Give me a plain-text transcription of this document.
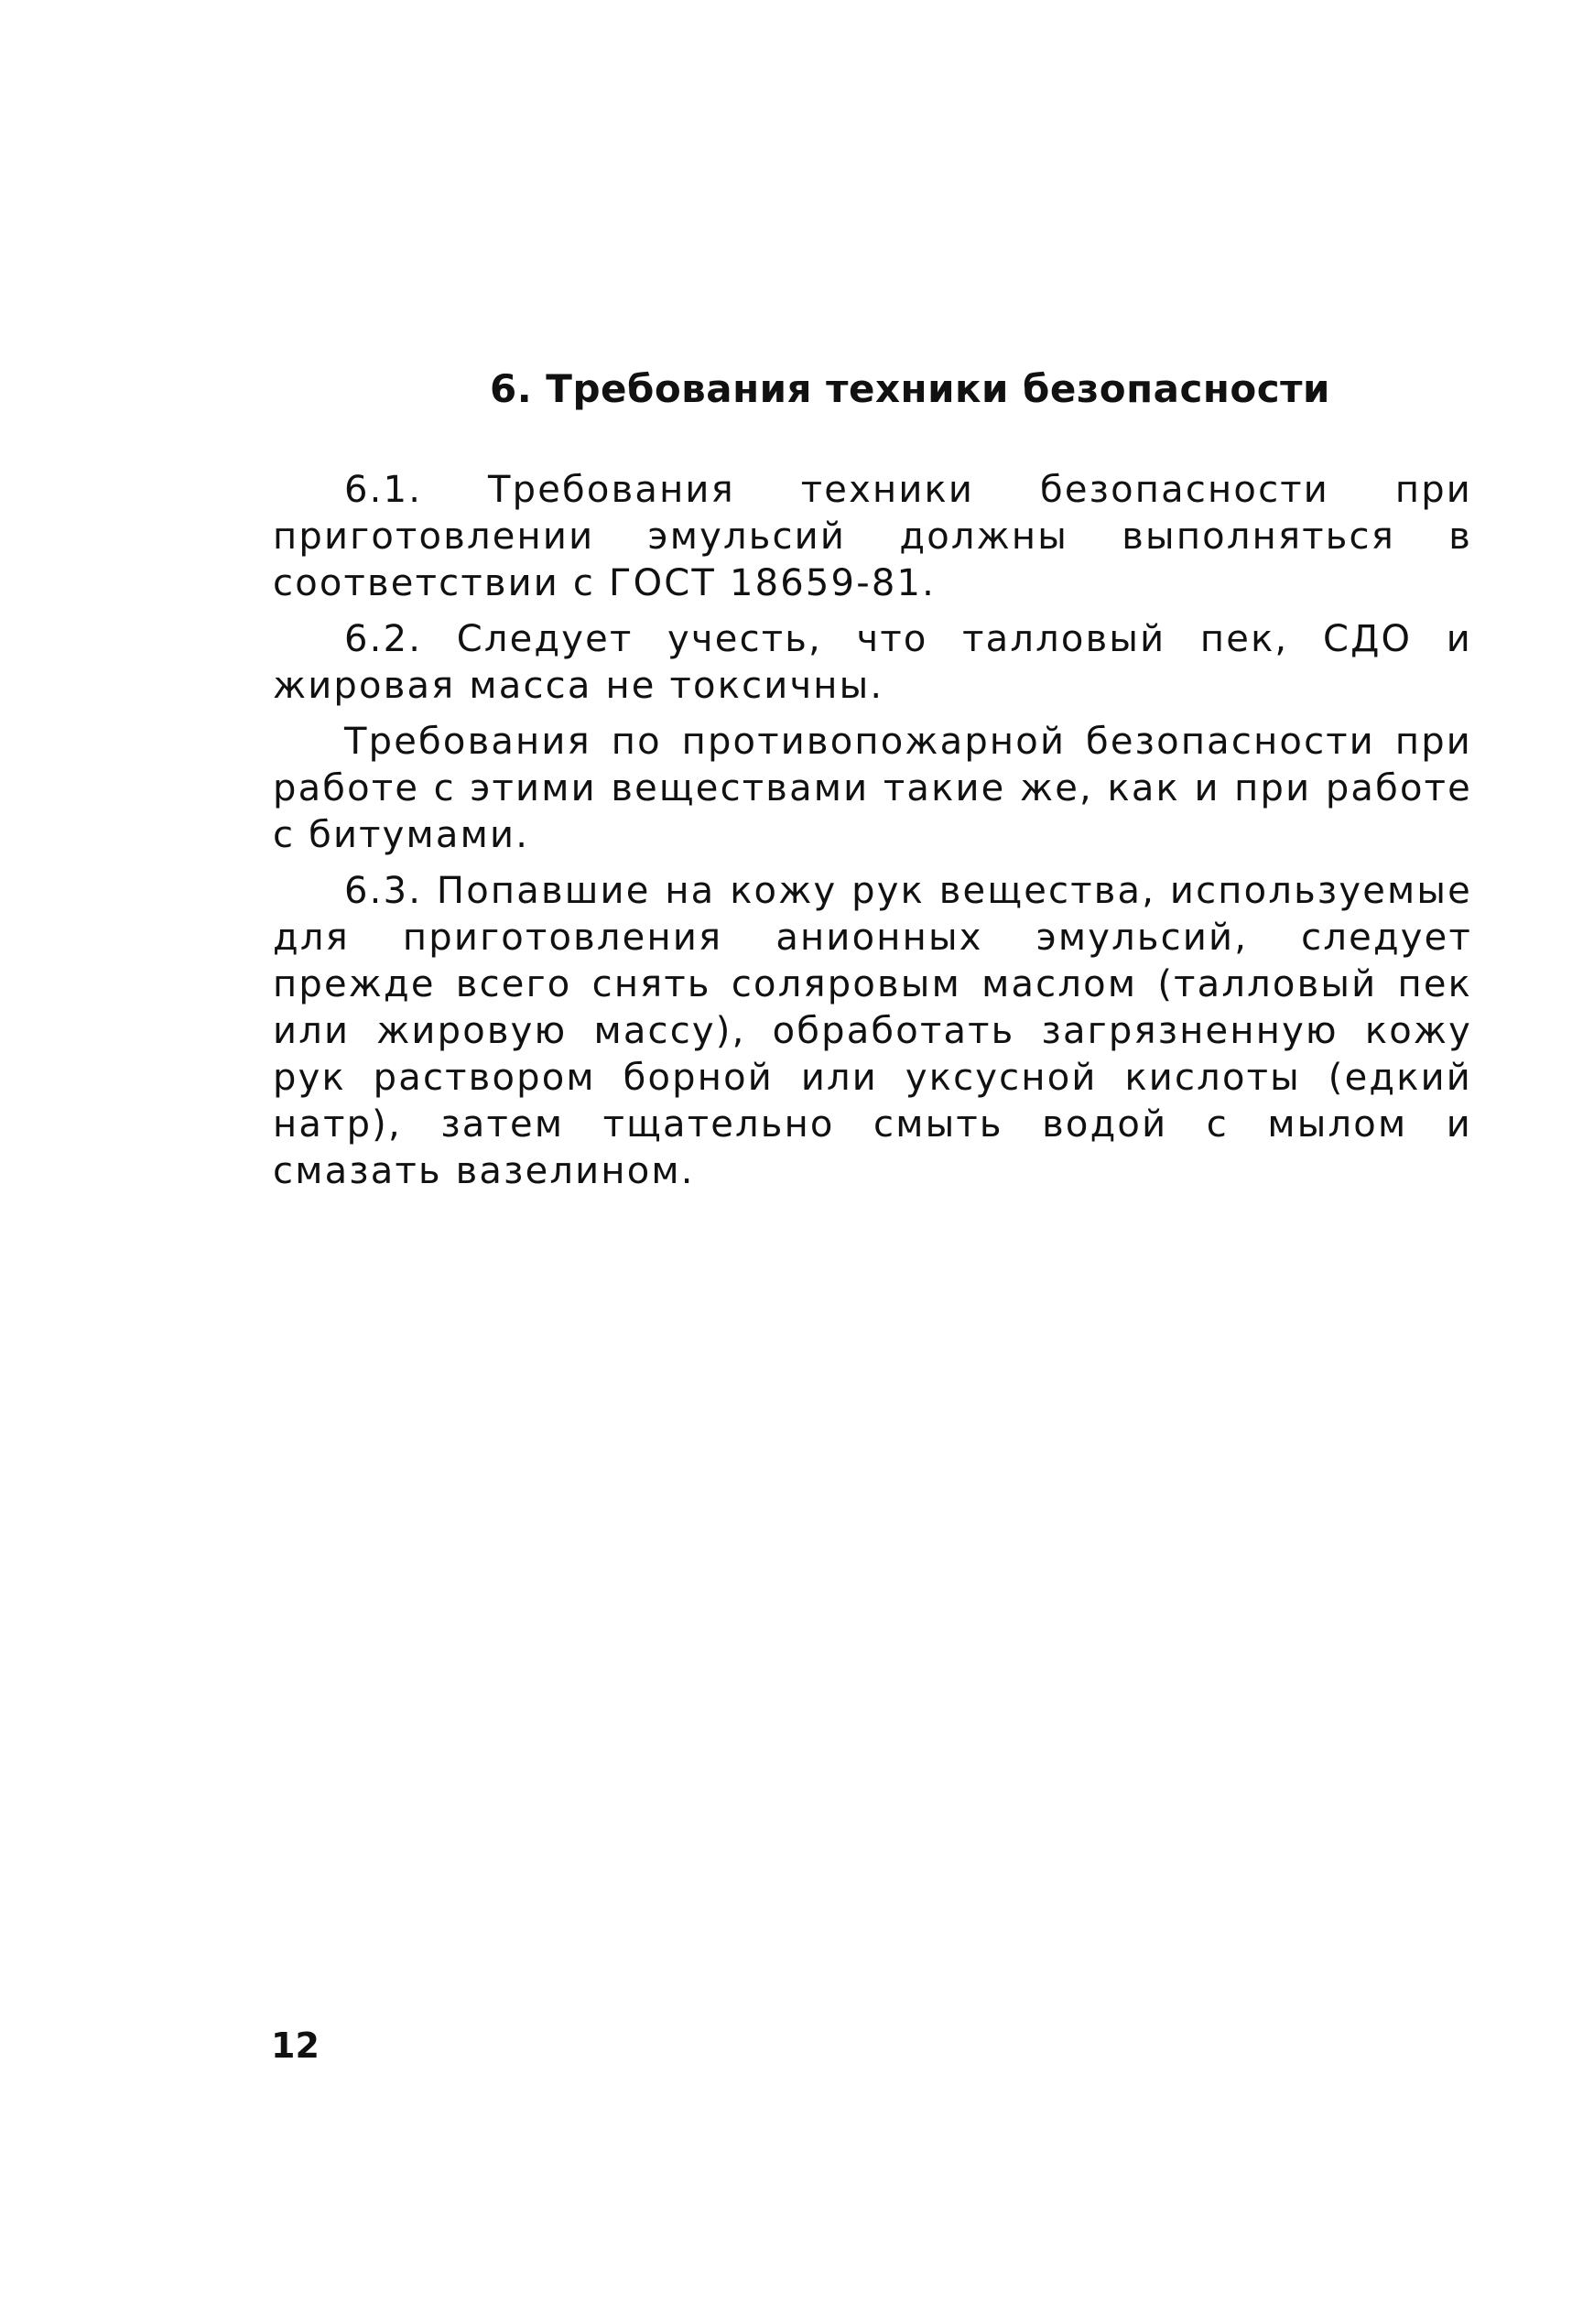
6. Требования техники безопасности

6.1. Требования техники безопасности при приготовлении эмульсий должны выполняться в соответствии с ГОСТ 18659-81.

6.2. Следует учесть, что талловый пек, СДО и жировая масса не токсичны.

Требования по противопожарной безопасности при работе с этими веществами такие же, как и при работе с битумами.

6.3. Попавшие на кожу рук вещества, используемые для приготовления анионных эмульсий, следует прежде всего снять соляровым маслом (талловый пек или жировую массу), обработать загрязненную кожу рук раствором борной или уксусной кислоты (едкий натр), затем тщательно смыть водой с мылом и смазать вазелином.

12
